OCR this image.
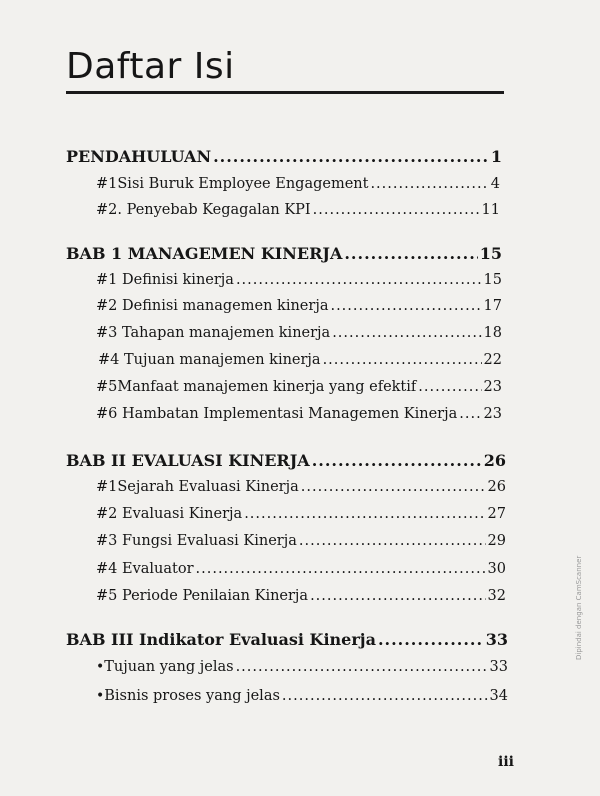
Daftar Isi
PENDAHULUAN .....	1
#1Sisi Buruk Employee Engagement .....	4
#2. Penyebab Kegagalan KPI .....	11
BAB 1 MANAGEMEN KINERJA .....	15
#1 Definisi kinerja .....	15
#2 Definisi managemen kinerja .....	17
#3 Tahapan manajemen kinerja .....	18
#4 Tujuan manajemen kinerja .....	22
#5Manfaat manajemen kinerja yang efektif .....	23
#6 Hambatan Implementasi Managemen Kinerja ..... 23
BAB II EVALUASI KINERJA .....	26
#1Sejarah Evaluasi Kinerja .....	26
#2 Evaluasi Kinerja .....	27
#3 Fungsi Evaluasi Kinerja .....	29
#4 Evaluator .....	30
#5 Periode Penilaian Kinerja .....	32
BAB III Indikator Evaluasi Kinerja .....	33
• Tujuan yang jelas .....	33
• Bisnis proses yang jelas .....	34
iii
Dipindai dengan CamScanner
